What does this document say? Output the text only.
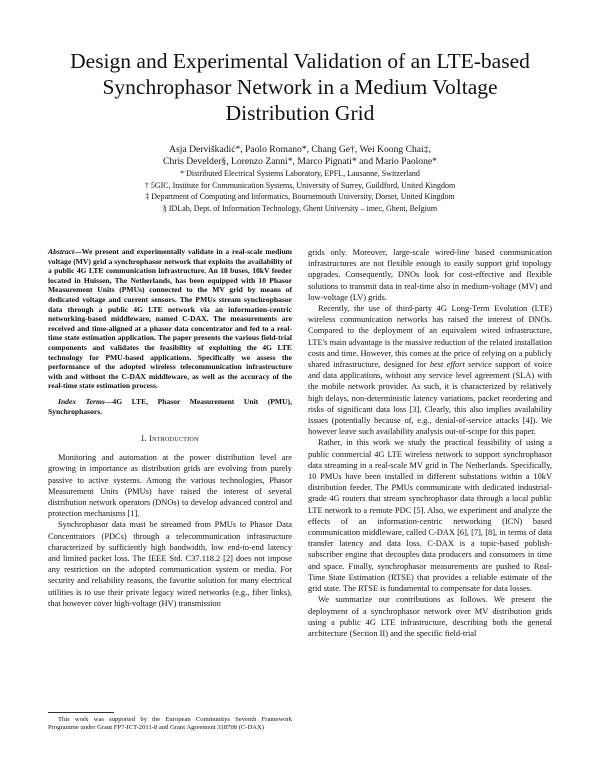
Design and Experimental Validation of an LTE-based Synchrophasor Network in a Medium Voltage Distribution Grid
Asja Derviškadić*, Paolo Romano*, Chang Ge†, Wei Koong Chai‡,
Chris Develder§, Lorenzo Zanni*, Marco Pignati* and Mario Paolone*
* Distributed Electrical Systems Laboratory, EPFL, Lausanne, Switzerland
† 5GIC, Institute for Communication Systems, University of Surrey, Guildford, United Kingdom
‡ Department of Computing and Informatics, Bournemouth University, Dorset, United Kingdom
§ IDLab, Dept. of Information Technology, Ghent University – imec, Ghent, Belgium

Abstract—We present and experimentally validate in a real-scale medium voltage (MV) grid a synchrophasor network that exploits the availability of a public 4G LTE communication infrastructure. An 18 buses, 10kV feeder located in Huissen, The Netherlands, has been equipped with 10 Phasor Measurement Units (PMUs) connected to the MV grid by means of dedicated voltage and current sensors. The PMUs stream synchrophasor data through a public 4G LTE network via an information-centric networking-based middleware, named C-DAX. The measurements are received and time-aligned at a phasor data concentrator and fed to a real-time state estimation application. The paper presents the various field-trial components and validates the feasibility of exploiting the 4G LTE technology for PMU-based applications. Specifically we assess the performance of the adopted wireless telecommunication infrastructure with and without the C-DAX middleware, as well as the accuracy of the real-time state estimation process.

Index Terms—4G LTE, Phasor Measurement Unit (PMU), Synchrophasors.

I. Introduction

Monitoring and automation at the power distribution level are growing in importance as distribution grids are evolving from purely passive to active systems. Among the various technologies, Phasor Measurement Units (PMUs) have raised the interest of several distribution network operators (DNOs) to develop advanced control and protection mechanisms [1].

Synchrophasor data must be streamed from PMUs to Phasor Data Concentrators (PDCs) through a telecommunication infrastructure characterized by sufficiently high bandwidth, low end-to-end latency and limited packet loss. The IEEE Std. C37.118.2 [2] does not impose any restriction on the adopted communication system or media. For security and reliability reasons, the favorite solution for many electrical utilities is to use their private legacy wired networks (e.g., fiber links), that however cover high-voltage (HV) transmission

This work was supported by the European Communitys Seventh Framework Programme under Grant FP7-ICT-2011-8 and Grant Agreement 318708 (C-DAX)

grids only. Moreover, large-scale wired-line based communication infrastructures are not flexible enough to easily support grid topology upgrades. Consequently, DNOs look for cost-effective and flexible solutions to transmit data in real-time also in medium-voltage (MV) and low-voltage (LV) grids.

Recently, the use of third-party 4G Long-Term Evolution (LTE) wireless communication networks has raised the interest of DNOs. Compared to the deployment of an equivalent wired infrastructure, LTE's main advantage is the massive reduction of the related installation costs and time. However, this comes at the price of relying on a publicly shared infrastructure, designed for best effort service support of voice and data applications, without any service level agreement (SLA) with the mobile network provider. As such, it is characterized by relatively high delays, non-deterministic latency variations, packet reordering and risks of significant data loss [3]. Clearly, this also implies availability issues (potentially because of, e.g., denial-of-service attacks [4]). We however leave such availability analysis out-of-scope for this paper.

Rather, in this work we study the practical feasibility of using a public commercial 4G LTE wireless network to support synchrophasor data streaming in a real-scale MV grid in The Netherlands. Specifically, 10 PMUs have been installed in different substations within a 10kV distribution feeder. The PMUs communicate with dedicated industrial-grade 4G routers that stream synchrophasor data through a local public LTE network to a remote PDC [5]. Also, we experiment and analyze the effects of an information-centric networking (ICN) based communication middleware, called C-DAX [6], [7], [8], in terms of data transfer latency and data loss. C-DAX is a topic-based publish-subscriber engine that decouples data producers and consumers in time and space. Finally, synchrophasor measurements are pushed to Real-Time State Estimation (RTSE) that provides a reliable estimate of the grid state. The RTSE is fundamental to compensate for data losses.

We summarize our contributions as follows. We present the deployment of a synchrophasor network over MV distribution grids using a public 4G LTE infrastructure, describing both the general architecture (Section II) and the specific field-trial
